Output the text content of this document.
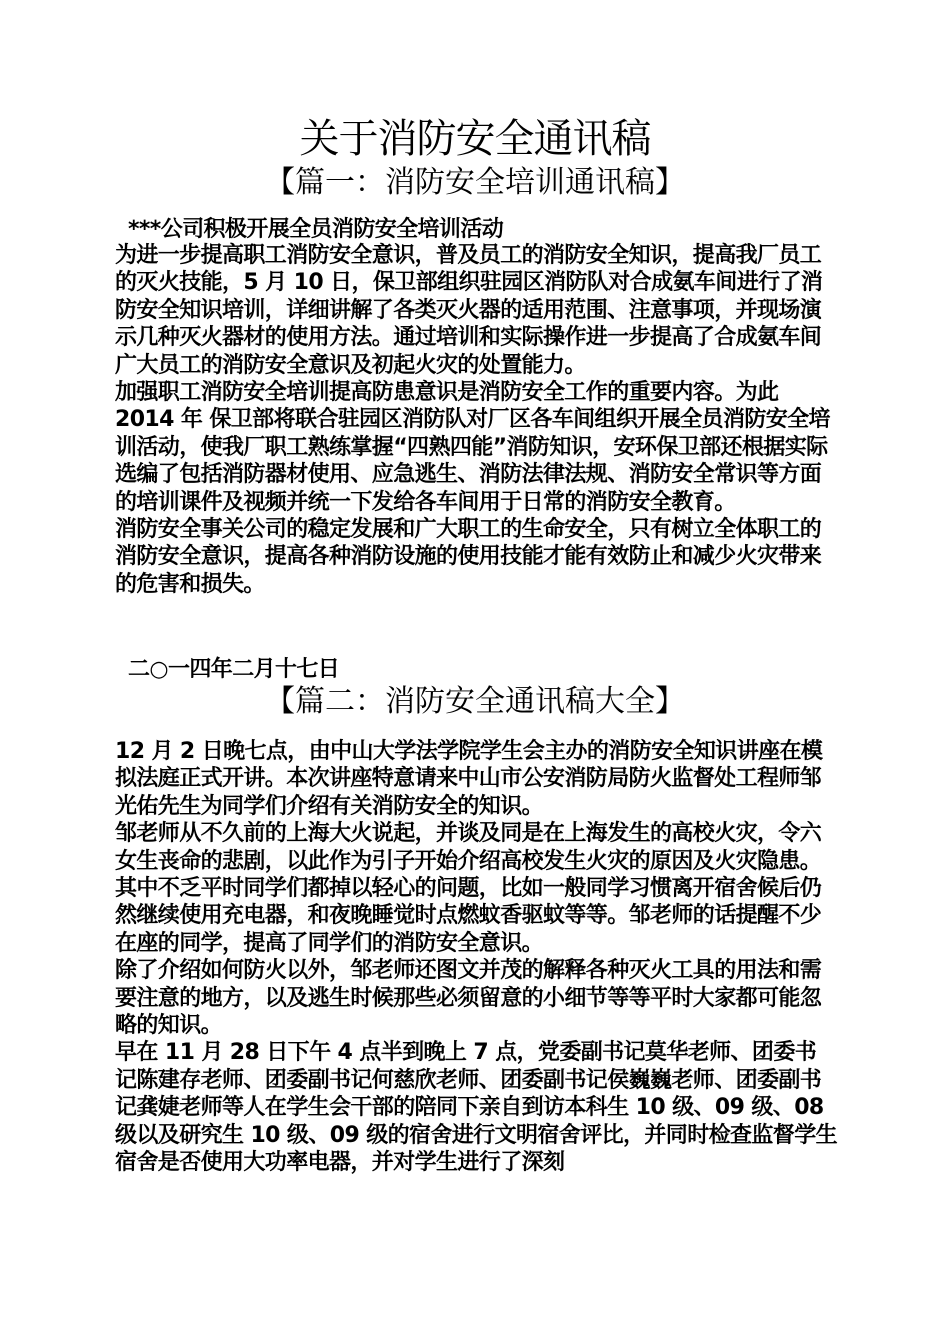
关于消防安全通讯稿
【篇一：消防安全培训通讯稿】
***公司积极开展全员消防安全培训活动

为进一步提高职工消防安全意识，普及员工的消防安全知识，提高我厂员工的灭火技能，5 月 10 日，保卫部组织驻园区消防队对合成氨车间进行了消防安全知识培训，详细讲解了各类灭火器的适用范围、注意事项，并现场演示几种灭火器材的使用方法。通过培训和实际操作进一步提高了合成氨车间广大员工的消防安全意识及初起火灾的处置能力。

加强职工消防安全培训提高防患意识是消防安全工作的重要内容。为此 2014 年 保卫部将联合驻园区消防队对厂区各车间组织开展全员消防安全培训活动，使我厂职工熟练掌握“四熟四能”消防知识，安环保卫部还根据实际选编了包括消防器材使用、应急逃生、消防法律法规、消防安全常识等方面的培训课件及视频并统一下发给各车间用于日常的消防安全教育。

消防安全事关公司的稳定发展和广大职工的生命安全，只有树立全体职工的消防安全意识，提高各种消防设施的使用技能才能有效防止和减少火灾带来的危害和损失。

二○一四年二月十七日
【篇二：消防安全通讯稿大全】

12 月 2 日晚七点，由中山大学法学院学生会主办的消防安全知识讲座在模拟法庭正式开讲。本次讲座特意请来中山市公安消防局防火监督处工程师邹光佑先生为同学们介绍有关消防安全的知识。

邹老师从不久前的上海大火说起，并谈及同是在上海发生的高校火灾，令六女生丧命的悲剧，以此作为引子开始介绍高校发生火灾的原因及火灾隐患。其中不乏平时同学们都掉以轻心的问题，比如一般同学习惯离开宿舍候后仍然继续使用充电器，和夜晚睡觉时点燃蚊香驱蚊等等。邹老师的话提醒不少在座的同学，提高了同学们的消防安全意识。

除了介绍如何防火以外，邹老师还图文并茂的解释各种灭火工具的用法和需要注意的地方，以及逃生时候那些必须留意的小细节等等平时大家都可能忽略的知识。

早在 11 月 28 日下午 4 点半到晚上 7 点，党委副书记莫华老师、团委书记陈建存老师、团委副书记何慈欣老师、团委副书记侯巍巍老师、团委副书记龚婕老师等人在学生会干部的陪同下亲自到访本科生 10 级、09 级、08 级以及研究生 10 级、09 级的宿舍进行文明宿舍评比，并同时检查监督学生宿舍是否使用大功率电器，并对学生进行了深刻
